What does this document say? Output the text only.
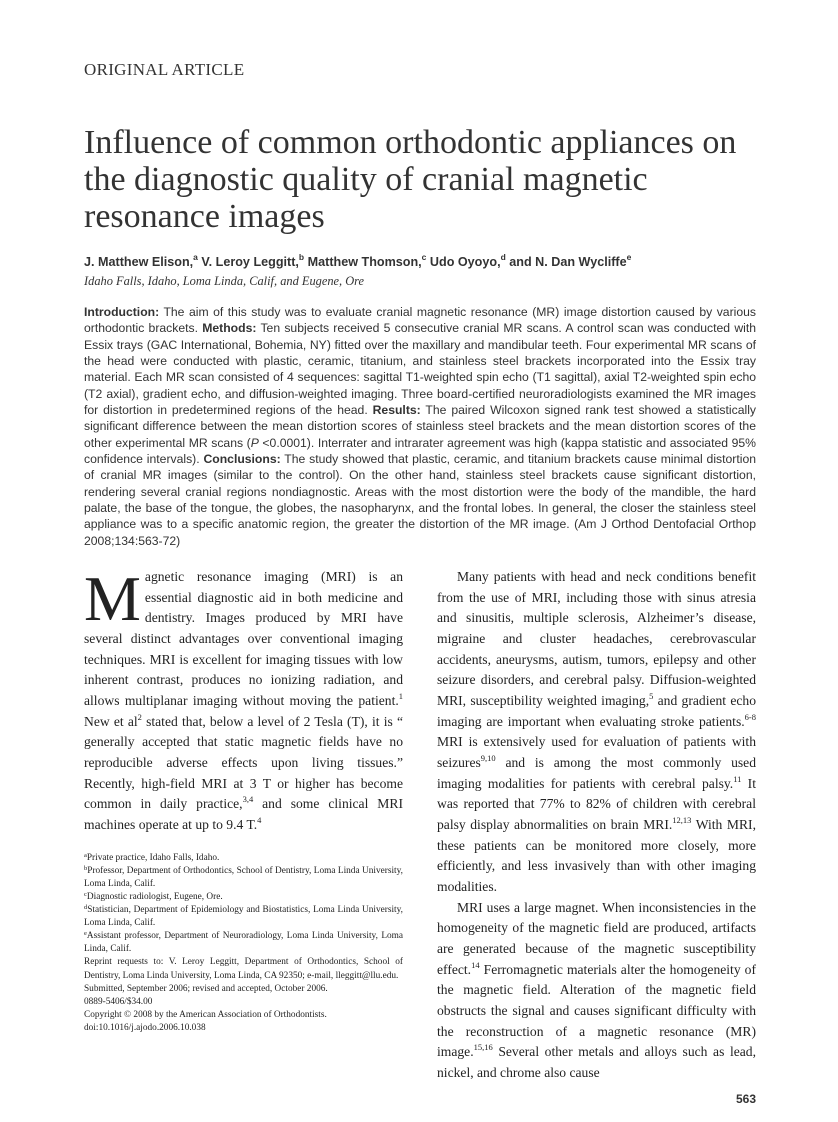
ORIGINAL ARTICLE
Influence of common orthodontic appliances on the diagnostic quality of cranial magnetic resonance images
J. Matthew Elison,$^a$ V. Leroy Leggitt,$^b$ Matthew Thomson,$^c$ Udo Oyoyo,$^d$ and N. Dan Wycliffe$^e$
Idaho Falls, Idaho, Loma Linda, Calif, and Eugene, Ore
Introduction: The aim of this study was to evaluate cranial magnetic resonance (MR) image distortion caused by various orthodontic brackets. Methods: Ten subjects received 5 consecutive cranial MR scans. A control scan was conducted with Essix trays (GAC International, Bohemia, NY) fitted over the maxillary and mandibular teeth. Four experimental MR scans of the head were conducted with plastic, ceramic, titanium, and stainless steel brackets incorporated into the Essix tray material. Each MR scan consisted of 4 sequences: sagittal T1-weighted spin echo (T1 sagittal), axial T2-weighted spin echo (T2 axial), gradient echo, and diffusion-weighted imaging. Three board-certified neuroradiologists examined the MR images for distortion in predetermined regions of the head. Results: The paired Wilcoxon signed rank test showed a statistically significant difference between the mean distortion scores of stainless steel brackets and the mean distortion scores of the other experimental MR scans (P <0.0001). Interrater and intrarater agreement was high (kappa statistic and associated 95% confidence intervals). Conclusions: The study showed that plastic, ceramic, and titanium brackets cause minimal distortion of cranial MR images (similar to the control). On the other hand, stainless steel brackets cause significant distortion, rendering several cranial regions nondiagnostic. Areas with the most distortion were the body of the mandible, the hard palate, the base of the tongue, the globes, the nasopharynx, and the frontal lobes. In general, the closer the stainless steel appliance was to a specific anatomic region, the greater the distortion of the MR image. (Am J Orthod Dentofacial Orthop 2008;134:563-72)

Magnetic resonance imaging (MRI) is an essential diagnostic aid in both medicine and dentistry. Images produced by MRI have several distinct advantages over conventional imaging techniques. MRI is excellent for imaging tissues with low inherent contrast, produces no ionizing radiation, and allows multiplanar imaging without moving the patient.$^1$ New et $al^2$ stated that, below a level of 2 Tesla (T), it is “ generally accepted that static magnetic fields have no reproducible adverse effects upon living tissues.” Recently, high-field MRI at 3 T or higher has become common in daily practice,$^{3,4}$ and some clinical MRI machines operate at up to 9.4 T.$^4$

$^a$Private practice, Idaho Falls, Idaho.
$^b$Professor, Department of Orthodontics, School of Dentistry, Loma Linda University, Loma Linda, Calif.
$^c$Diagnostic radiologist, Eugene, Ore.
$^d$Statistician, Department of Epidemiology and Biostatistics, Loma Linda University, Loma Linda, Calif.
$^e$Assistant professor, Department of Neuroradiology, Loma Linda University, Loma Linda, Calif.
Reprint requests to: V. Leroy Leggitt, Department of Orthodontics, School of Dentistry, Loma Linda University, Loma Linda, CA 92350; e-mail, lleggitt@llu.edu.
Submitted, September 2006; revised and accepted, October 2006.
0889-5406/$34.00
Copyright © 2008 by the American Association of Orthodontists.
doi:10.1016/j.ajodo.2006.10.038

Many patients with head and neck conditions benefit from the use of MRI, including those with sinus atresia and sinusitis, multiple sclerosis, Alzheimer’s disease, migraine and cluster headaches, cerebrovascular accidents, aneurysms, autism, tumors, epilepsy and other seizure disorders, and cerebral palsy. Diffusion-weighted MRI, susceptibility weighted imaging,$^5$ and gradient echo imaging are important when evaluating stroke patients.$^{6-8}$ MRI is extensively used for evaluation of patients with seizures$^{9,10}$ and is among the most commonly used imaging modalities for patients with cerebral palsy.$^{11}$ It was reported that 77% to 82% of children with cerebral palsy display abnormalities on brain MRI.$^{12,13}$ With MRI, these patients can be monitored more closely, more efficiently, and less invasively than with other imaging modalities.

MRI uses a large magnet. When inconsistencies in the homogeneity of the magnetic field are produced, artifacts are generated because of the magnetic susceptibility effect.$^{14}$ Ferromagnetic materials alter the homogeneity of the magnetic field. Alteration of the magnetic field obstructs the signal and causes significant difficulty with the reconstruction of a magnetic resonance (MR) image.$^{15,16}$ Several other metals and alloys such as lead, nickel, and chrome also cause

563
